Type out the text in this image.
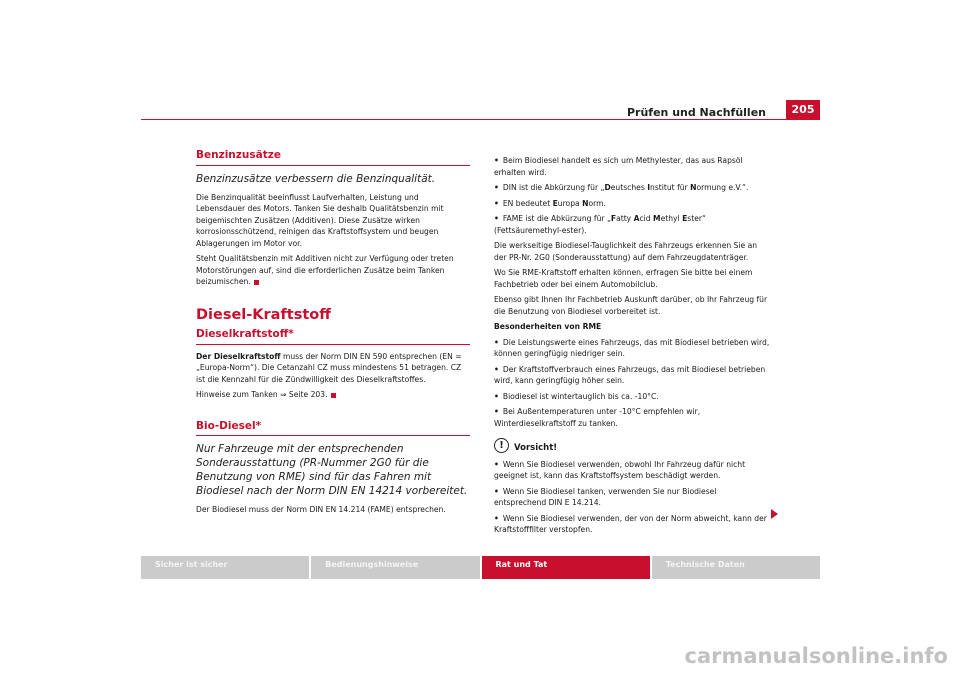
Prüfen und Nachfüllen	205
Benzinzusätze
Benzinzusätze verbessern die Benzinqualität.

Die Benzinqualität beeinflusst Laufverhalten, Leistung und Lebensdauer des Motors. Tanken Sie deshalb Qualitätsbenzin mit beigemischten Zusätzen (Additiven). Diese Zusätze wirken korrosionsschützend, reinigen das Kraftstoffsystem und beugen Ablagerungen im Motor vor.

Steht Qualitätsbenzin mit Additiven nicht zur Verfügung oder treten Motorstörungen auf, sind die erforderlichen Zusätze beim Tanken beizumischen.

Diesel-Kraftstoff
Dieselkraftstoff*

Der Dieselkraftstoff muss der Norm DIN EN 590 entsprechen (EN = „Europa-Norm“). Die Cetanzahl CZ muss mindestens 51 betragen. CZ ist die Kennzahl für die Zündwilligkeit des Dieselkraftstoffes.

Hinweise zum Tanken ⇒ Seite 203.

Bio-Diesel*
Nur Fahrzeuge mit der entsprechenden Sonderausstattung (PR-Nummer 2G0 für die Benutzung von RME) sind für das Fahren mit Biodiesel nach der Norm DIN EN 14214 vorbereitet.

Der Biodiesel muss der Norm DIN EN 14.214 (FAME) entsprechen.

• Beim Biodiesel handelt es sich um Methylester, das aus Rapsöl erhalten wird.

• DIN ist die Abkürzung für „Deutsches Institut für Normung e.V.“.

• EN bedeutet Europa Norm.

• FAME ist die Abkürzung für „Fatty Acid Methyl Ester“ (Fettsäuremethyl-ester).

Die werkseitige Biodiesel-Tauglichkeit des Fahrzeugs erkennen Sie an der PR-Nr. 2G0 (Sonderausstattung) auf dem Fahrzeugdatenträger.

Wo Sie RME-Kraftstoff erhalten können, erfragen Sie bitte bei einem Fachbetrieb oder bei einem Automobilclub.

Ebenso gibt Ihnen Ihr Fachbetrieb Auskunft darüber, ob Ihr Fahrzeug für die Benutzung von Biodiesel vorbereitet ist.

Besonderheiten von RME

• Die Leistungswerte eines Fahrzeugs, das mit Biodiesel betrieben wird, können geringfügig niedriger sein.

• Der Kraftstoffverbrauch eines Fahrzeugs, das mit Biodiesel betrieben wird, kann geringfügig höher sein.

• Biodiesel ist wintertauglich bis ca. -10°C.

• Bei Außentemperaturen unter -10°C empfehlen wir, Winterdieselkraftstoff zu tanken.

!	Vorsicht!

• Wenn Sie Biodiesel verwenden, obwohl Ihr Fahrzeug dafür nicht geeignet ist, kann das Kraftstoffsystem beschädigt werden.

• Wenn Sie Biodiesel tanken, verwenden Sie nur Biodiesel entsprechend DIN E 14.214.

• Wenn Sie Biodiesel verwenden, der von der Norm abweicht, kann der Kraftstofffilter verstopfen.

Sicher ist sicher	Bedienungshinweise	Rat und Tat	Technische Daten
carmanualsonline.info
